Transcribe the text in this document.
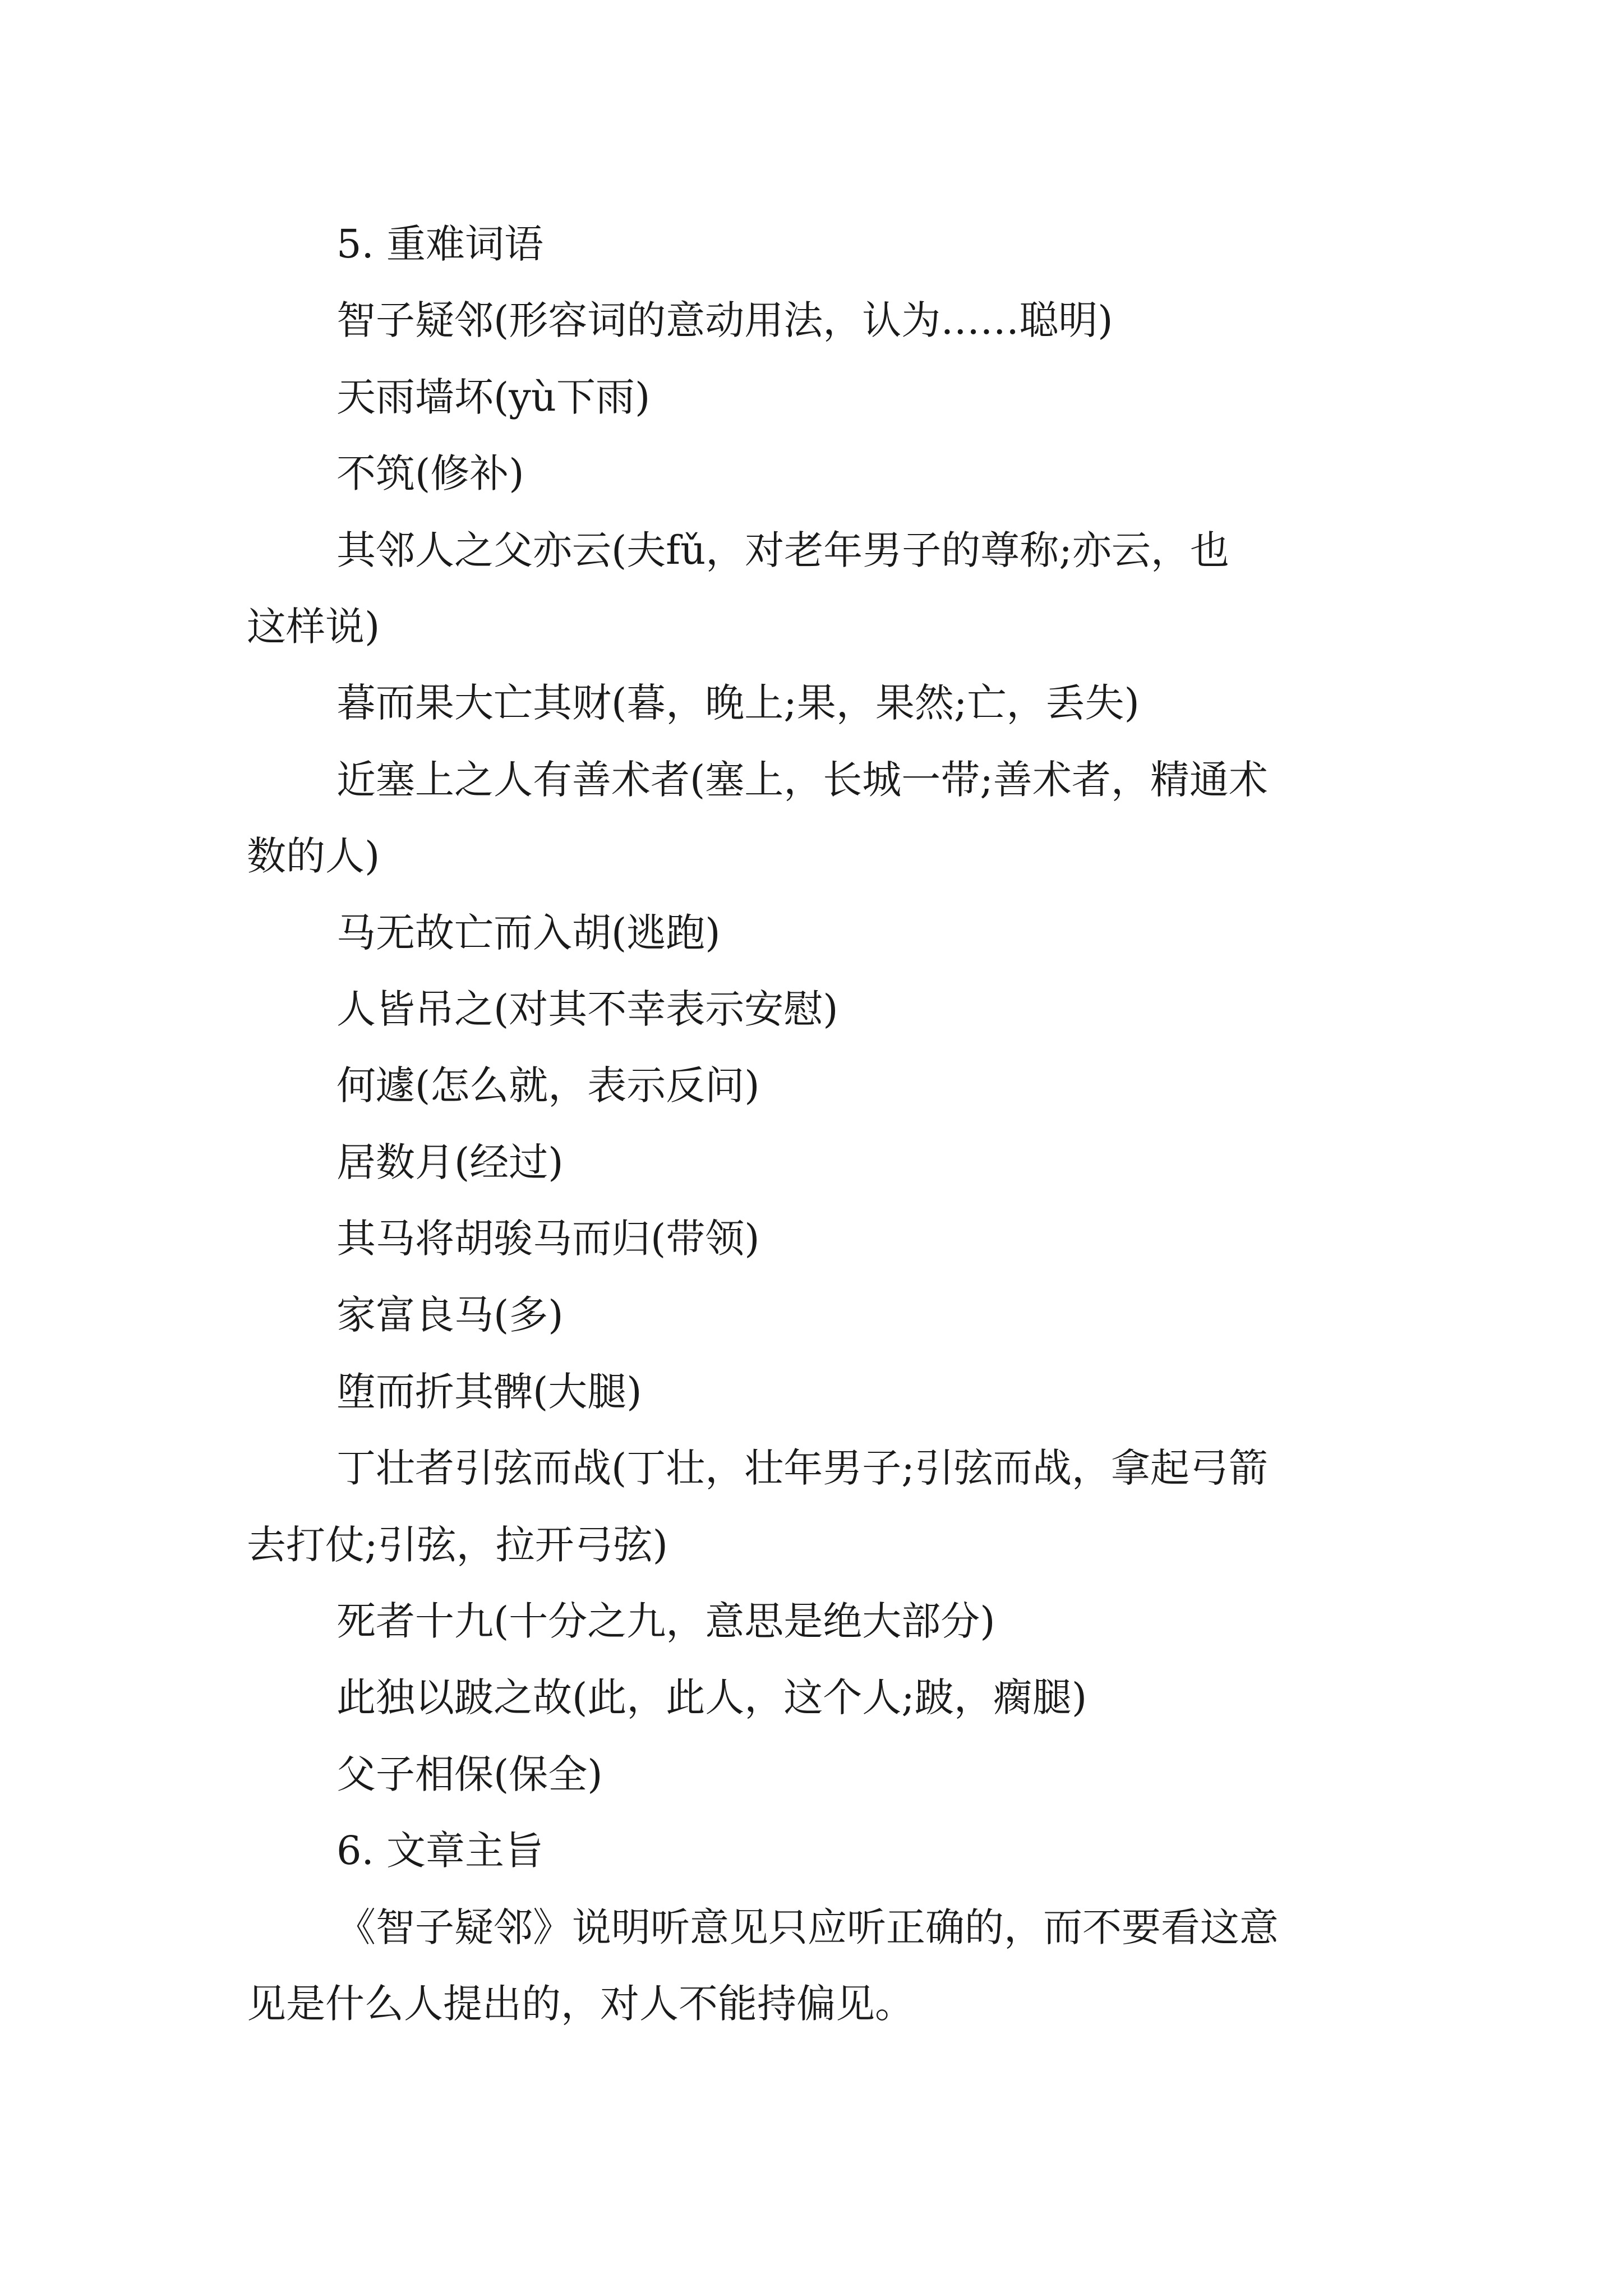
5. 重难词语
智子疑邻(形容词的意动用法，认为……聪明)
天雨墙坏(yù下雨)
不筑(修补)
其邻人之父亦云(夫fǔ，对老年男子的尊称;亦云，也
这样说)
暮而果大亡其财(暮，晚上;果，果然;亡，丢失)
近塞上之人有善术者(塞上，长城一带;善术者，精通术
数的人)
马无故亡而入胡(逃跑)
人皆吊之(对其不幸表示安慰)
何遽(怎么就，表示反问)
居数月(经过)
其马将胡骏马而归(带领)
家富良马(多)
堕而折其髀(大腿)
丁壮者引弦而战(丁壮，壮年男子;引弦而战，拿起弓箭
去打仗;引弦，拉开弓弦)
死者十九(十分之九，意思是绝大部分)
此独以跛之故(此，此人，这个人;跛，瘸腿)
父子相保(保全)
6. 文章主旨
《智子疑邻》说明听意见只应听正确的，而不要看这意
见是什么人提出的，对人不能持偏见。
